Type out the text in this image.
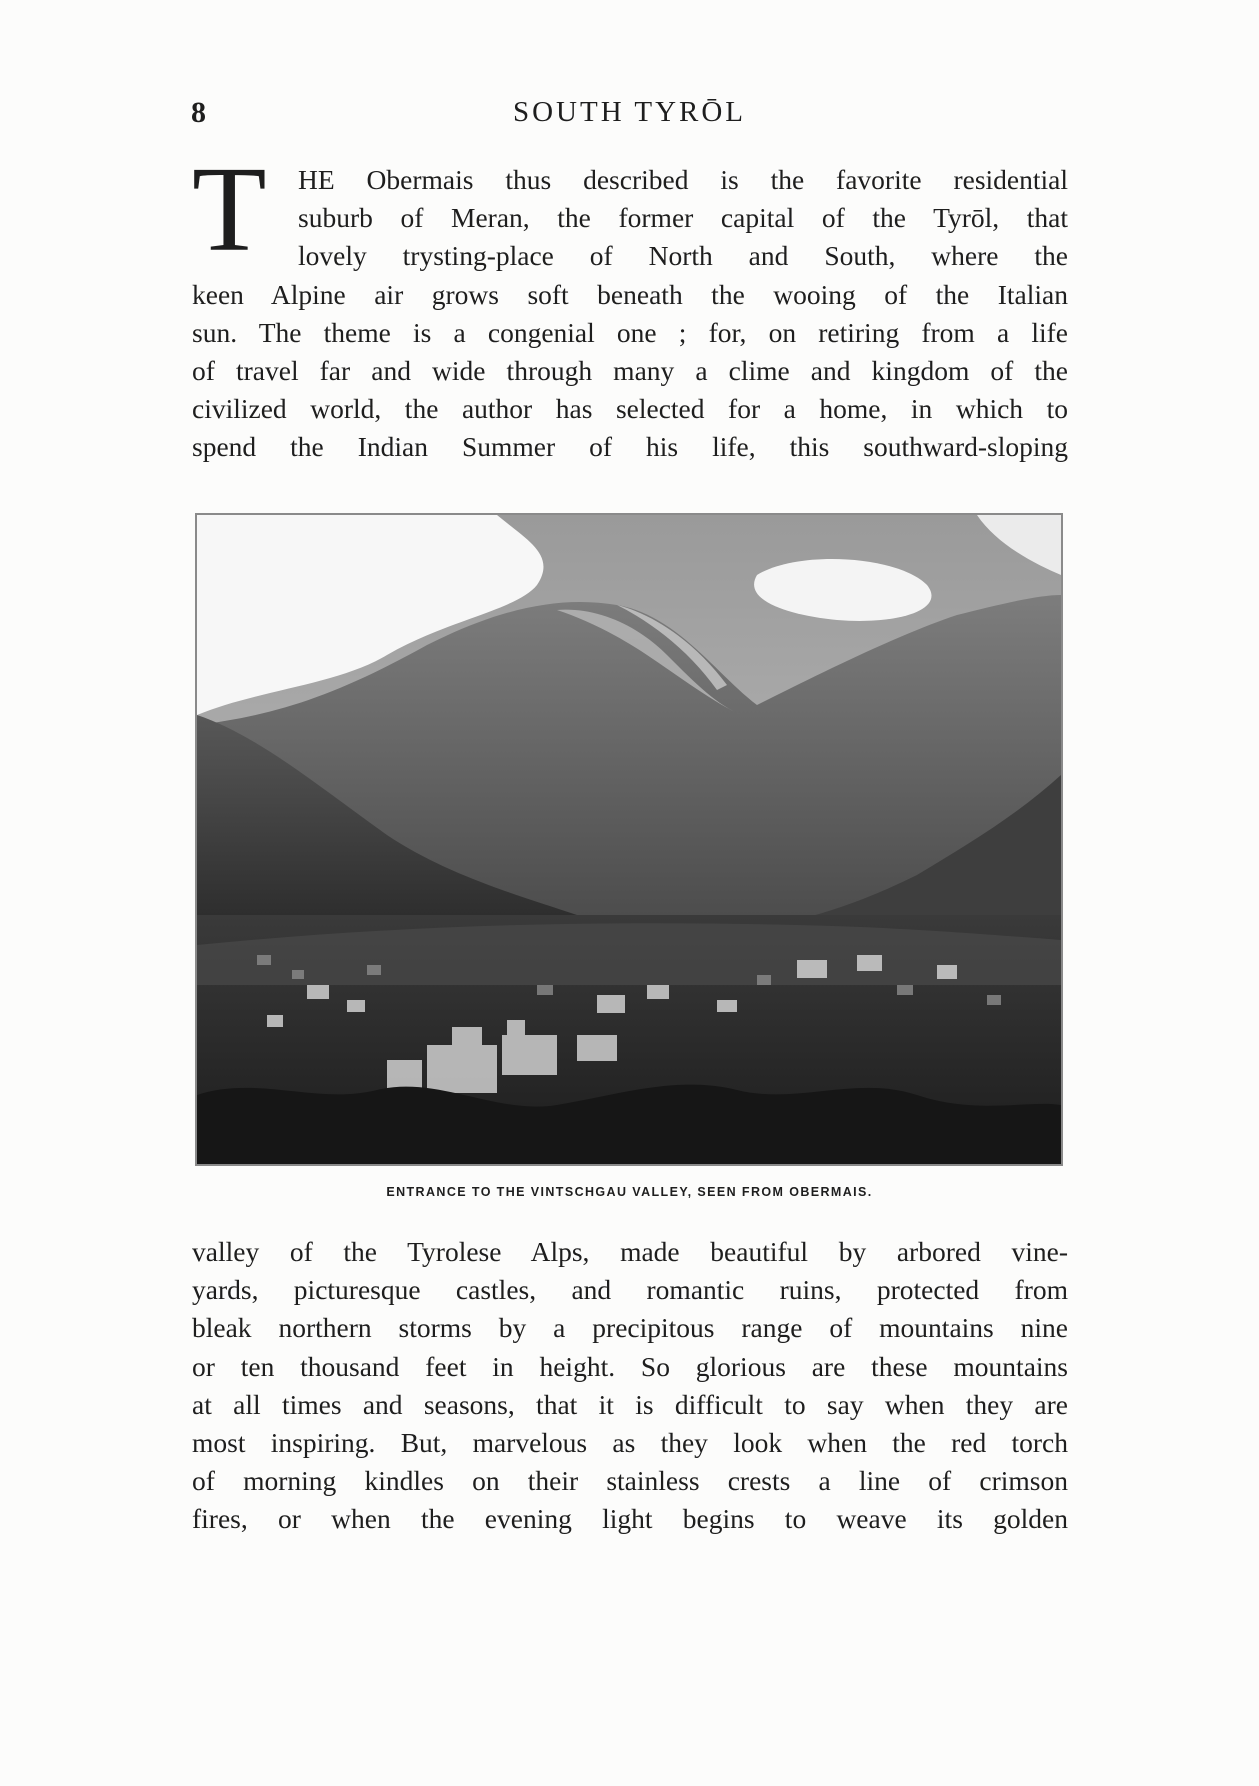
8	SOUTH TYRŌL
T	HE Obermais thus described is the favorite residential
suburb of Meran, the former capital of the Tyrōl, that
lovely trysting-place of North and South, where the
keen Alpine air grows soft beneath the wooing of the Italian
sun. The theme is a congenial one ; for, on retiring from a life
of travel far and wide through many a clime and kingdom of the
civilized world, the author has selected for a home, in which to
spend the Indian Summer of his life, this southward-sloping
ENTRANCE TO THE VINTSCHGAU VALLEY, SEEN FROM OBERMAIS.
valley of the Tyrolese Alps, made beautiful by arbored vine-
yards, picturesque castles, and romantic ruins, protected from
bleak northern storms by a precipitous range of mountains nine
or ten thousand feet in height. So glorious are these mountains
at all times and seasons, that it is difficult to say when they are
most inspiring. But, marvelous as they look when the red torch
of morning kindles on their stainless crests a line of crimson
fires, or when the evening light begins to weave its golden
